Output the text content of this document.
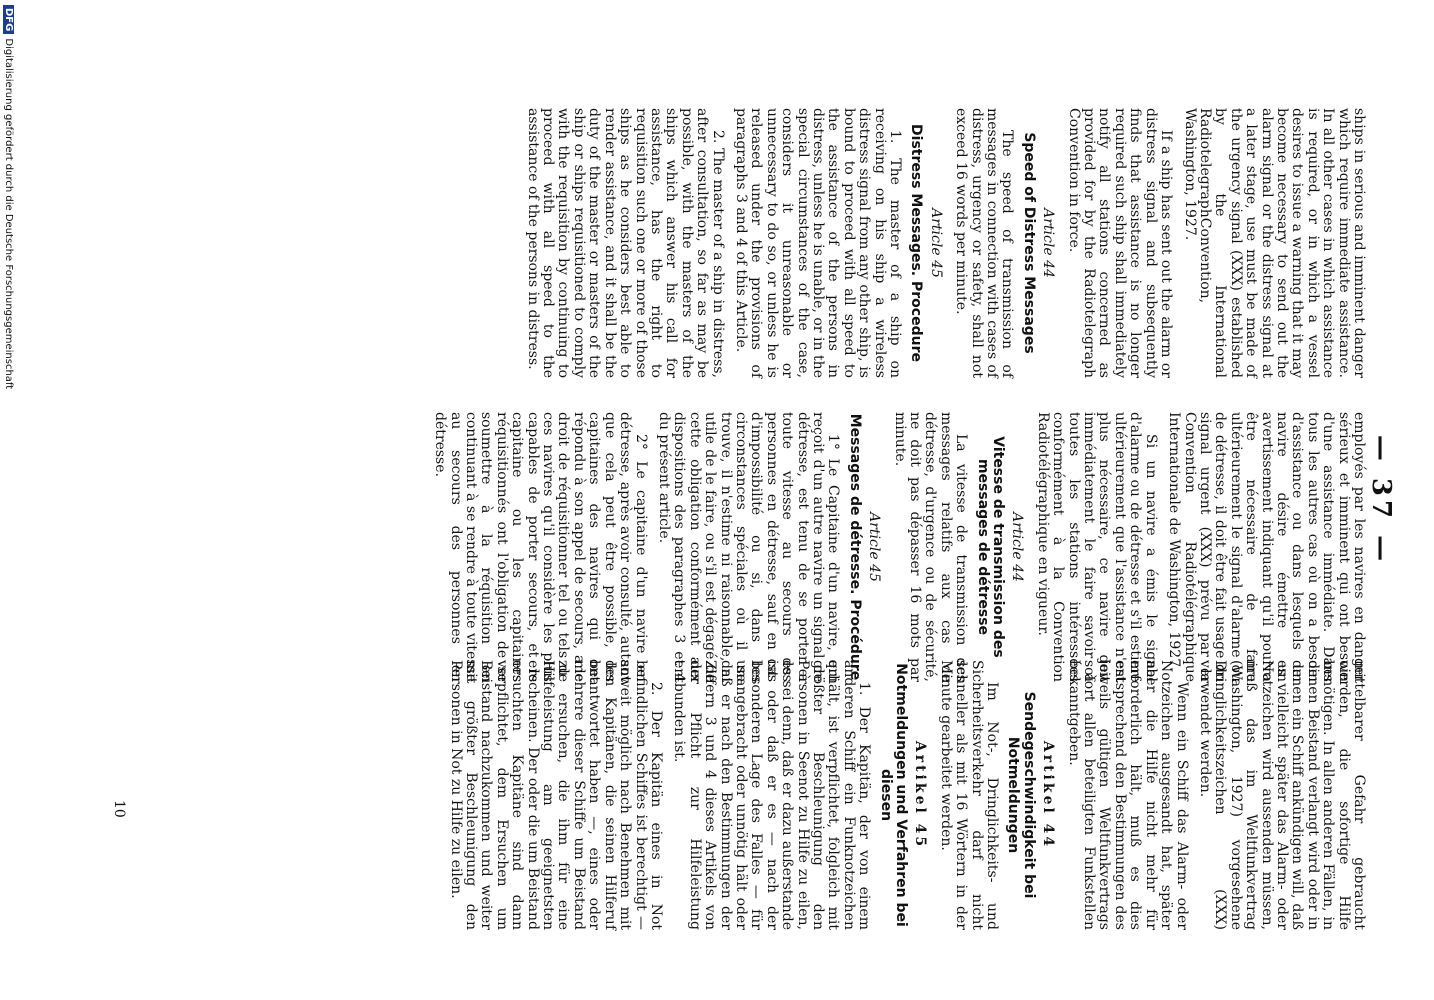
— 37 —

ships in serious and imminent danger which require immediate assistance. In all other cases in which assistance is required, or in which a vessel desires to issue a warning that it may become necessary to send out the alarm signal or the distress signal at a later stage, use must be made of the urgency signal (XXX) established by the International RadiotelegraphConvention, Washington, 1927.

If a ship has sent out the alarm or distress signal and subsequently finds that assistance is no longer required such ship shall immediately notify all stations concerned as provided for by the Radiotelegraph Convention in force.

Article 44
Speed of Distress Messages

The speed of transmission of messages in connection with cases of distress, urgency or safety, shall not exceed 16 words per minute.

Article 45
Distress Messages. Procedure

1. The master of a ship on receiving on his ship a wireless distress signal from any other ship, is bound to proceed with all speed to the assistance of the persons in distress, unless he is unable, or in the special circumstances of the case, considers it unreasonable or unnecessary to do so, or unless he is released under the provisions of paragraphs 3 and 4 of this Article.

2. The master of a ship in distress, after consultation, so far as may be possible, with the masters of the ships which answer his call for assistance, has the right to requisition such one or more of those ships as he considers best able to render assistance, and it shall be the duty of the master or masters of the ship or ships requisitioned to comply with the requisition by continuing to proceed with all speed to the assistance of the persons in distress.

employés par les navires en danger sérieux et imminent qui ont besoin d'une assistance immédiate. Dans tous les autres cas où on a besoin d'assistance ou dans lesquels un navire désire émettre un avertissement indiquant qu'il pourra être nécessaire de faire ultérieurement le signal d'alarme ou de détresse, il doit être fait usage du signal urgent (XXX) prévu par la Convention Radiotélégraphique Internationale de Washington, 1927.

Si un navire a émis le signal d'alarme ou de détresse et s'il estime ultérieurement que l'assistance n'est plus nécessaire, ce navire doit immédiatement le faire savoir à toutes les stations intéressées conformément à la Convention Radiotélégraphique en vigueur.

Article 44
Vitesse de transmission des messages de détresse

La vitesse de transmission des messages relatifs aux cas de détresse, d'urgence ou de sécurité, ne doit pas dépasser 16 mots par minute.

Article 45
Messages de détresse. Procédure

1° Le Capitaine d'un navire, qui reçoit d'un autre navire un signal de détresse, est tenu de se porter à toute vitesse au secours des personnes en détresse, sauf en cas d'impossibilité ou si, dans les circonstances spéciales où il se trouve, il n'estime ni raisonnable, ni utile de le faire, ou s'il est dégagé de cette obligation conformément aux dispositions des paragraphes 3 et 4 du présent article.

2° Le capitaine d'un navire en détresse, après avoir consulté, autant que cela peut être possible, les capitaines des navires qui ont répondu à son appel de secours, a le droit de réquisitionner tel ou tels de ces navires qu'il considère les plus capables de porter secours, et le capitaine ou les capitaines réquisitionnés ont l'obligation de se soumettre à la réquisition en continuant à se rendre à toute vitesse au secours des personnes en détresse.

mittelbarer Gefahr gebraucht werden, die sofortige Hilfe benötigen. In allen anderen Fällen, in denen Beistand verlangt wird oder in denen ein Schiff ankündigen will, daß es vielleicht später das Alarm- oder Notzeichen wird aussenden müssen, muß das im Weltfunkvertrag (Washington, 1927) vorgesehene Dringlichkeitszeichen (XXX) verwendet werden.

Wenn ein Schiff das Alarm- oder Notzeichen ausgesandt hat, später aber die Hilfe nicht mehr für erforderlich hält, muß es dies entsprechend den Bestimmungen des jeweils gültigen Weltfunkvertrags sofort allen beteiligten Funkstellen bekanntgeben.

Artikel 44
Sendegeschwindigkeit bei Notmeldungen

Im Not-, Dringlichkeits- und Sicherheitsverkehr darf nicht schneller als mit 16 Wörtern in der Minute gearbeitet werden.

Artikel 45
Notmeldungen und Verfahren bei diesen

1. Der Kapitän, der von einem anderen Schiff ein Funknotzeichen erhält, ist verpflichtet, folgleich mit größter Beschleunigung den Personen in Seenot zu Hilfe zu eilen, es sei denn, daß er dazu außerstande ist oder daß er es — nach der besonderen Lage des Falles — für unangebracht oder unnötig hält oder daß er nach den Bestimmungen der Ziffern 3 und 4 dieses Artikels von der Pflicht zur Hilfeleistung entbunden ist.

2. Der Kapitän eines in Not befindlichen Schiffes ist berechtigt — soweit möglich nach Benehmen mit den Kapitänen, die seinen Hilferuf beantwortet haben —, eines oder mehrere dieser Schiffe um Beistand zu ersuchen, die ihm für eine Hilfeleistung am geeignetsten erscheinen. Der oder die um Beistand ersuchten Kapitäne sind dann verpflichtet, dem Ersuchen um Beistand nachzukommen und weiter mit größter Beschleunigung den Personen in Not zu Hilfe zu eilen.

10
DFGDigitalisierung gefördert durch die Deutsche Forschungsgemeinschaft
